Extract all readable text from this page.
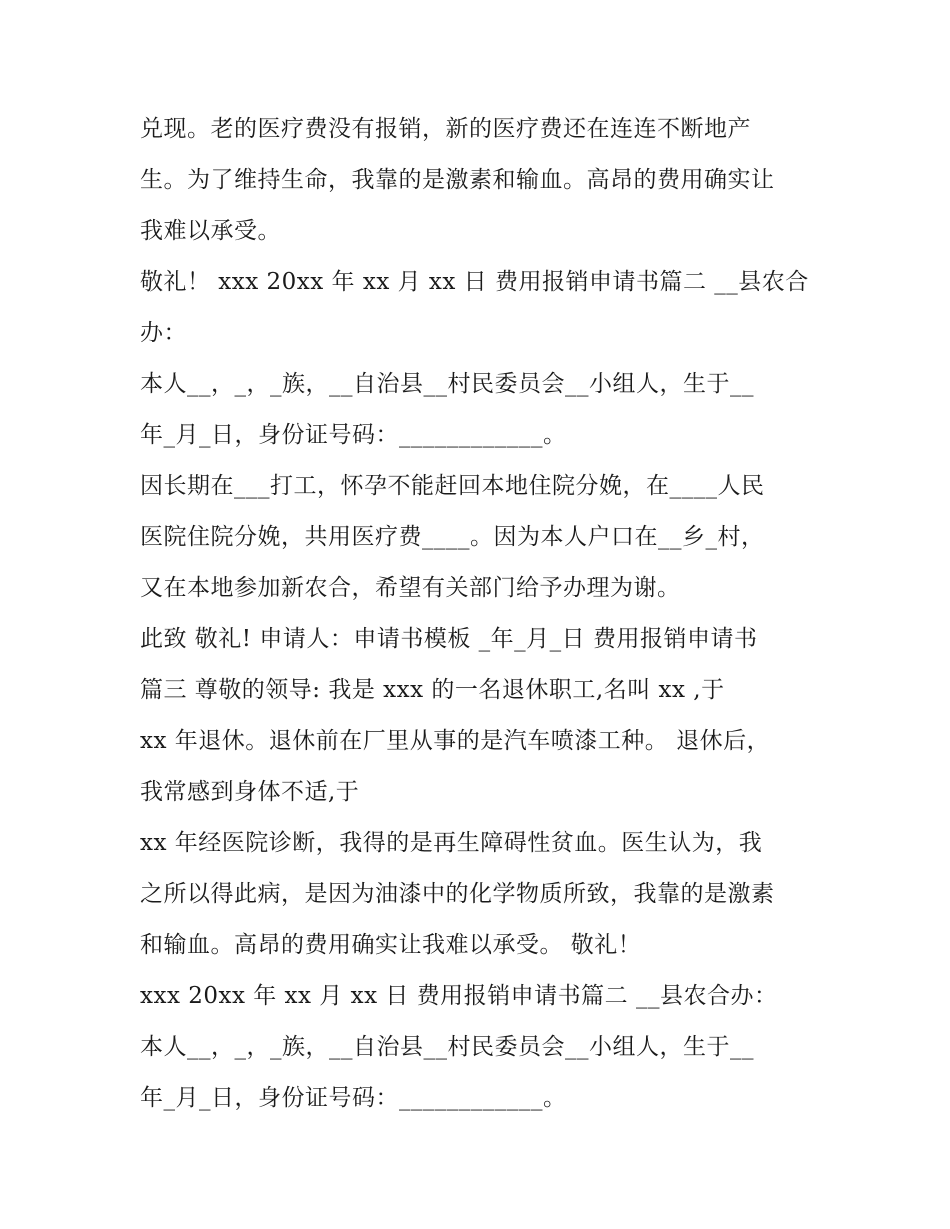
兑现。老的医疗费没有报销，新的医疗费还在连连不断地产
生。为了维持生命，我靠的是激素和输血。高昂的费用确实让
我难以承受。
敬礼！ xxx 20xx 年 xx 月 xx 日 费用报销申请书篇二 __县农合
办：
本人__，_，_族，__自治县__村民委员会__小组人，生于__
年_月_日，身份证号码：____________。
因长期在___打工，怀孕不能赶回本地住院分娩，在____人民
医院住院分娩，共用医疗费____。因为本人户口在__乡_村，
又在本地参加新农合，希望有关部门给予办理为谢。
此致 敬礼! 申请人：申请书模板 _年_月_日 费用报销申请书
篇三 尊敬的领导: 我是 xxx 的一名退休职工,名叫 xx ,于
xx 年退休。退休前在厂里从事的是汽车喷漆工种。 退休后，
我常感到身体不适,于
xx 年经医院诊断，我得的是再生障碍性贫血。医生认为，我
之所以得此病，是因为油漆中的化学物质所致，我靠的是激素
和输血。高昂的费用确实让我难以承受。 敬礼！
xxx 20xx 年 xx 月 xx 日 费用报销申请书篇二 __县农合办：
本人__，_，_族，__自治县__村民委员会__小组人，生于__
年_月_日，身份证号码：____________。
